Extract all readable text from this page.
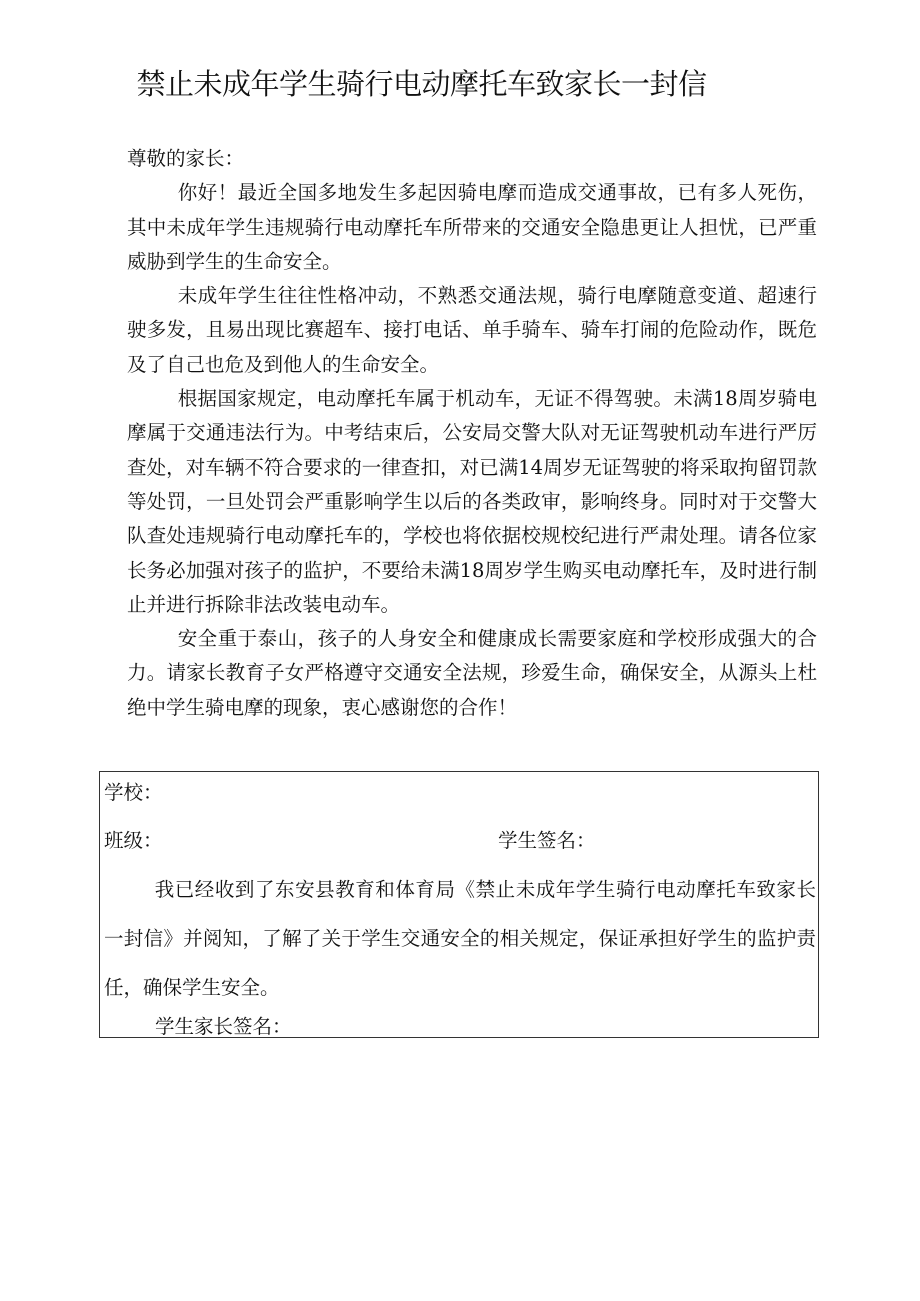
禁止未成年学生骑行电动摩托车致家长一封信

尊敬的家长：

你好！最近全国多地发生多起因骑电摩而造成交通事故，已有多人死伤，其中未成年学生违规骑行电动摩托车所带来的交通安全隐患更让人担忧，已严重威胁到学生的生命安全。

未成年学生往往性格冲动，不熟悉交通法规，骑行电摩随意变道、超速行驶多发，且易出现比赛超车、接打电话、单手骑车、骑车打闹的危险动作，既危及了自己也危及到他人的生命安全。

根据国家规定，电动摩托车属于机动车，无证不得驾驶。未满18周岁骑电摩属于交通违法行为。中考结束后，公安局交警大队对无证驾驶机动车进行严厉查处，对车辆不符合要求的一律查扣，对已满14周岁无证驾驶的将采取拘留罚款等处罚，一旦处罚会严重影响学生以后的各类政审，影响终身。同时对于交警大队查处违规骑行电动摩托车的，学校也将依据校规校纪进行严肃处理。请各位家长务必加强对孩子的监护，不要给未满18周岁学生购买电动摩托车，及时进行制止并进行拆除非法改装电动车。

安全重于泰山，孩子的人身安全和健康成长需要家庭和学校形成强大的合力。请家长教育子女严格遵守交通安全法规，珍爱生命，确保安全，从源头上杜绝中学生骑电摩的现象，衷心感谢您的合作！

学校：
班级：	学生签名：

我已经收到了东安县教育和体育局《禁止未成年学生骑行电动摩托车致家长一封信》并阅知，了解了关于学生交通安全的相关规定，保证承担好学生的监护责任，确保学生安全。

学生家长签名：
